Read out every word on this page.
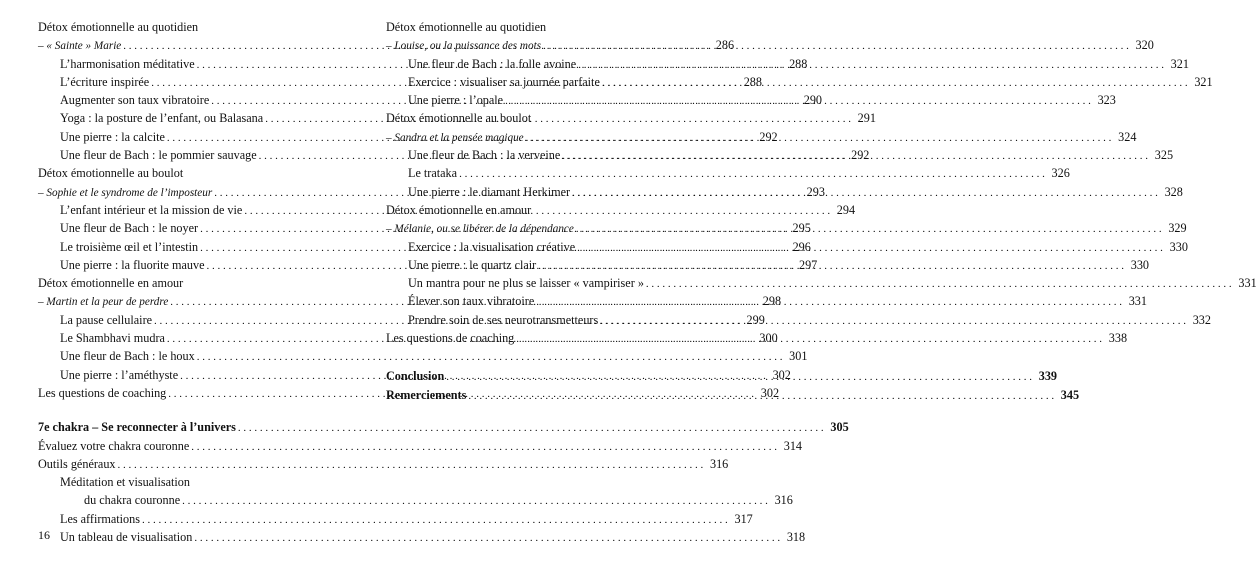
Détox émotionnelle au quotidien
– « Sainte » Marie . . .	286
L’harmonisation méditative . . .	288
L’écriture inspirée . . .	288
Augmenter son taux vibratoire . . .	290
Yoga : la posture de l’enfant, ou Balasana . . .	291
Une pierre : la calcite . . .	292
Une fleur de Bach : le pommier sauvage . . .	292
Détox émotionnelle au boulot
– Sophie et le syndrome de l’imposteur . . .	293
L’enfant intérieur et la mission de vie . . .	294
Une fleur de Bach : le noyer . . .	295
Le troisième œil et l’intestin . . .	296
Une pierre : la fluorite mauve . . .	297
Détox émotionnelle en amour
– Martin et la peur de perdre . . .	298
La pause cellulaire . . .	299
Le Shambhavi mudra . . .	300
Une fleur de Bach : le houx . . .	301
Une pierre : l’améthyste . . .	302
Les questions de coaching . . .	302
7e chakra – Se reconnecter à l’univers . . .	305
Évaluez votre chakra couronne . . .	314
Outils généraux . . .	316
Méditation et visualisation
du chakra couronne . . .	316
Les affirmations . . .	317
Un tableau de visualisation . . .	318
Détox émotionnelle au quotidien
– Louise, ou la puissance des mots . . .	320
Une fleur de Bach : la folle avoine . . .	321
Exercice : visualiser sa journée parfaite . . .	321
Une pierre : l’opale . . .	323
Détox émotionnelle au boulot
– Sandra et la pensée magique . . .	324
Une fleur de Bach : la verveine . . .	325
Le trataka . . .	326
Une pierre : le diamant Herkimer . . .	328
Détox émotionnelle en amour
– Mélanie, ou se libérer de la dépendance . . .	329
Exercice : la visualisation créative . . .	330
Une pierre : le quartz clair . . .	330
Un mantra pour ne plus se laisser « vampiriser » . . .	331
Élever son taux vibratoire . . .	331
Prendre soin de ses neurotransmetteurs . . .	332
Les questions de coaching . . .	338
Conclusion . . .	339
Remerciements . . .	345
16
